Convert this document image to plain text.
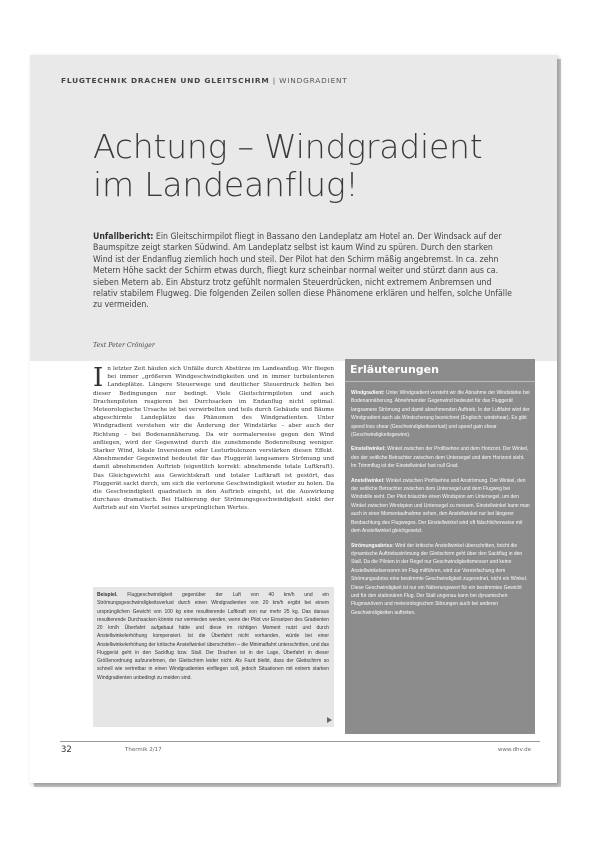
FLUGTECHNIK DRACHEN UND GLEITSCHIRM | WINDGRADIENT
Achtung – Windgradient
im Landeanflug!
Unfallbericht: Ein Gleitschirmpilot fliegt in Bassano den Landeplatz am Hotel an. Der Windsack auf der Baumspitze zeigt starken Südwind. Am Landeplatz selbst ist kaum Wind zu spüren. Durch den starken Wind ist der Endanflug ziemlich hoch und steil. Der Pilot hat den Schirm mäßig angebremst. In ca. zehn Metern Höhe sackt der Schirm etwas durch, fliegt kurz scheinbar normal weiter und stürzt dann aus ca. sieben Metern ab. Ein Absturz trotz gefühlt normalen Steuerdrücken, nicht extremem Anbremsen und relativ stabilem Flugweg. Die folgenden Zeilen sollen diese Phänomene erklären und helfen, solche Unfälle zu vermeiden.
Text Peter Cröniger
In letzter Zeit häufen sich Unfälle durch Abstürze im Landeanflug. Wir fliegen bei immer „größeren Windgeschwindigkeiten und in immer turbulenteren Landeplätze. Längere Steuerwege und deutlicher Steuerdruck helfen bei dieser Bedingungen nur bedingt. Viele Gleitschirmpiloten und auch Drachenpiloten reagieren bei Durchsacken im Endanflug nicht optimal. Meteorologische Ursache ist bei verwirbelten und teils durch Gebäude und Bäume abgeschirmte Landeplätze das Phänomen des Windgradienten. Unter Windgradient verstehen wir die Änderung der Windstärke – aber auch der Richtung – bei Bodenannäherung. Da wir normalerweise gegen den Wind anfliegen, wird der Gegenwind durch die zunehmende Bodenreibung weniger. Starker Wind, lokale Inversionen oder Leeturbulenzen verstärken diesen Effekt. Abnehmender Gegenwind bedeutet für das Fluggerät langsamere Strömung und damit abnehmenden Auftrieb (eigentlich korrekt: abnehmende totale Luftkraft). Das Gleichgewicht aus Gewichtskraft und totaler Luftkraft ist gestört, das Fluggerät sackt durch, um sich die verlorene Geschwindigkeit wieder zu holen. Da die Geschwindigkeit quadratisch in den Auftrieb eingeht, ist die Auswirkung durchaus dramatisch. Bei Halbierung der Strömungsgeschwindigkeit sinkt der Auftrieb auf ein Viertel seines ursprünglichen Wertes.
Beispiel. Fluggeschwindigkeit gegenüber der Luft von 40 km/h und ein Strömungsgeschwindigkeitsverlust durch einen Windgradienten von 20 km/h ergibt bei einem ursprünglichen Gewicht von 100 kg eine resultierende Luftkraft von nur mehr 25 kg. Das daraus resultierende Durchsacken könnte nur vermieden werden, wenn der Pilot vor Einsetzen des Gradienten 20 km/h Überfahrt aufgebaut hätte und diese im richtigen Moment nutzt und durch Anstellwinkelerhöhung kompensiert. Ist die Überfahrt nicht vorhanden, würde bei einer Anstellwinkelerhöhung der kritische Anstellwinkel überschritten – die Minimalfahrt unterschritten, und das Fluggerät geht in den Sackflug bzw. Stall. Der Drachen ist in der Lage, Überfahrt in dieser Größenordnung aufzunehmen, der Gleitschirm leider nicht. Als Fazit bleibt, dass der Gleitschirm so schnell wie vertretbar in einen Windgradienten einfliegen soll, jedoch Situationen mit extrem starken Windgradienten unbedingt zu meiden sind.
Erläuterungen

Windgradient: Unter Windgradient versteht wir die Abnahme der Windstärke bei Bodenannäherung. Abnehmender Gegenwind bedeutet für das Fluggerät langsamere Strömung und damit abnehmenden Auftrieb. In der Luftfahrt wird der Windgradient auch als Windscherung bezeichnet (Englisch: windshear). Es gibt speed loss shear (Geschwindigkeitsverlust) und speed gain shear (Geschwindigkeitsgewinn).

Einstellwinkel: Winkel zwischen der Profilsehne und dem Horizont. Der Winkel, den der seitliche Betrachter zwischen dem Untersegel und dem Horizont sieht. Im Trimmflug ist der Einstellwinkel fast null Grad.

Anstellwinkel: Winkel zwischen Profilsehne und Anströmung. Der Winkel, den der seitliche Betrachter zwischen dem Untersegel und dem Flugweg bei Windstille sieht. Der Pilot bräuchte einen Windspion am Untersegel, um den Winkel zwischen Windspion und Untersegel zu messen. Einstellwinkel kann man auch in einer Momentaufnahme sehen, den Anstellwinkel nur bei längerer Beobachtung des Flugweges. Der Einstellwinkel wird oft fälschlicherweise mit dem Anstellwinkel gleichgesetzt.

Strömungsabriss: Wird der kritische Anstellwinkel überschritten, bricht die dynamische Auftriebsströmung der Gleitschirm geht über den Sackflug in den Stall. Da die Piloten in der Regel nur Geschwindigkeitsmesser und keine Anstellwinkelsensoren im Flug mitführen, wird zur Vereinfachung dem Strömungsabriss eine bestimmte Geschwindigkeit zugeordnet, nicht ein Winkel. Diese Geschwindigkeit ist nur ein Näherungswert für ein bestimmtes Gewicht und für den stationären Flug. Der Stall ungenau kann bei dynamischen Flugmanövern und meteorologischen Störungen auch bei anderen Geschwindigkeiten auftreten.

32	Thermik 2/17	www.dhv.de
